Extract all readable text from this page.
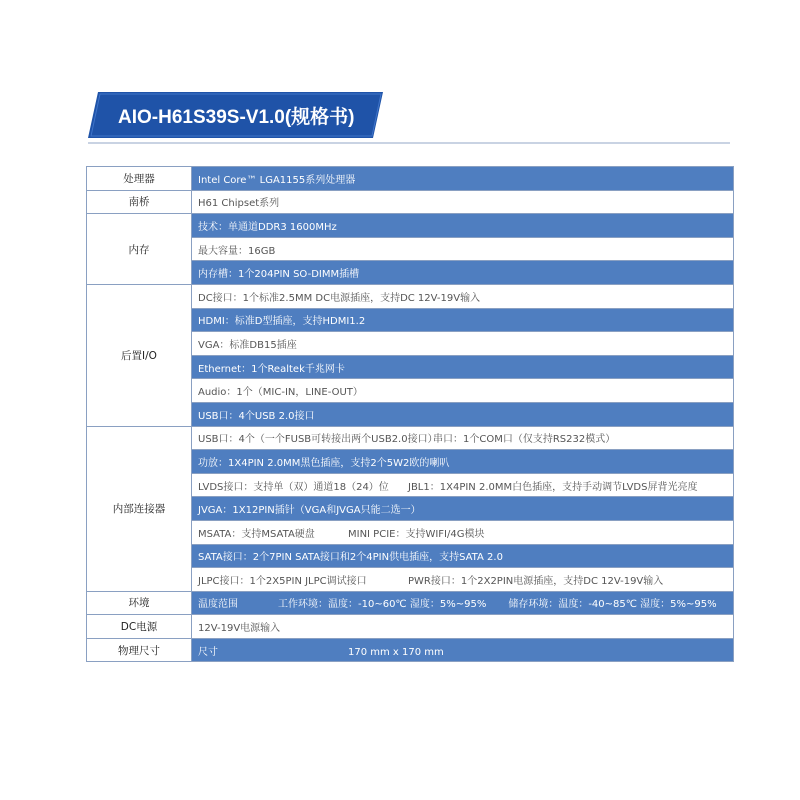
AIO-H61S39S-V1.0(规格书)
处理器	Intel Core™ LGA1155系列处理器
南桥	H61 Chipset系列
内存	技术：单通道DDR3 1600MHz
	最大容量：16GB
	内存槽：1个204PIN SO-DIMM插槽
后置I/O	DC接口：1个标准2.5MM DC电源插座，支持DC 12V-19V输入
	HDMI：标准D型插座，支持HDMI1.2
	VGA：标准DB15插座
	Ethernet：1个Realtek千兆网卡
	Audio：1个（MIC-IN，LINE-OUT）
	USB口：4个USB 2.0接口
内部连接器	USB口：4个（一个FUSB可转接出两个USB2.0接口）串口：1个COM口（仅支持RS232模式）
	功放：1X4PIN 2.0MM黑色插座，支持2个5W2欧的喇叭
	LVDS接口：支持单（双）通道18（24）位 JBL1：1X4PIN 2.0MM白色插座，支持手动调节LVDS屏背光亮度
	JVGA：1X12PIN插针（VGA和JVGA只能二选一）
	MSATA：支持MSATA硬盘 MINI PCIE：支持WIFI/4G模块
	SATA接口：2个7PIN SATA接口和2个4PIN供电插座，支持SATA 2.0
	JLPC接口：1个2X5PIN JLPC调试接口 PWR接口：1个2X2PIN电源插座，支持DC 12V-19V输入
环境	温度范围 工作环境：温度：-10~60℃ 湿度：5%~95% 储存环境：温度：-40~85℃ 湿度：5%~95%
DC电源	12V-19V电源输入
物理尺寸	尺寸 170 mm x 170 mm
